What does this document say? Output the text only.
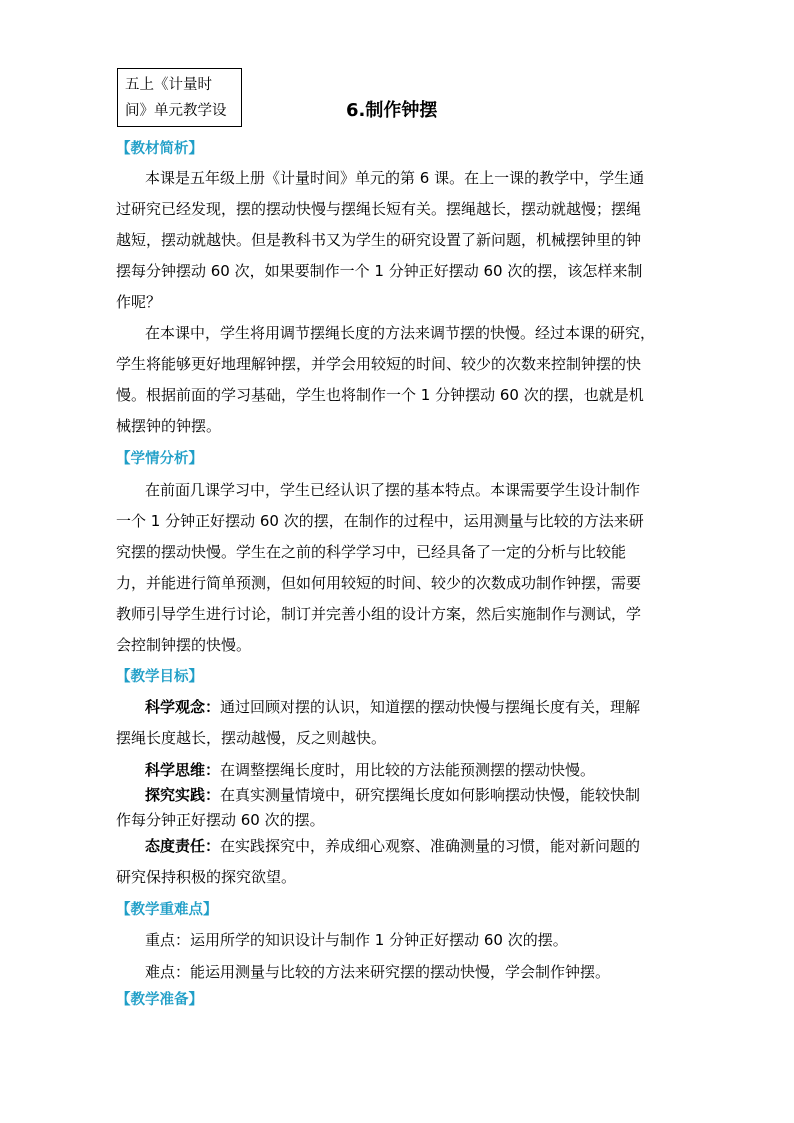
五上《计量时
间》单元教学设	6.制作钟摆
【教材简析】
本课是五年级上册《计量时间》单元的第 6 课。在上一课的教学中，学生通
过研究已经发现，摆的摆动快慢与摆绳长短有关。摆绳越长，摆动就越慢；摆绳
越短，摆动就越快。但是教科书又为学生的研究设置了新问题，机械摆钟里的钟
摆每分钟摆动 60 次，如果要制作一个 1 分钟正好摆动 60 次的摆，该怎样来制
作呢？
在本课中，学生将用调节摆绳长度的方法来调节摆的快慢。经过本课的研究，
学生将能够更好地理解钟摆，并学会用较短的时间、较少的次数来控制钟摆的快
慢。根据前面的学习基础，学生也将制作一个 1 分钟摆动 60 次的摆，也就是机
械摆钟的钟摆。
【学情分析】
在前面几课学习中，学生已经认识了摆的基本特点。本课需要学生设计制作
一个 1 分钟正好摆动 60 次的摆，在制作的过程中，运用测量与比较的方法来研
究摆的摆动快慢。学生在之前的科学学习中，已经具备了一定的分析与比较能
力，并能进行简单预测，但如何用较短的时间、较少的次数成功制作钟摆，需要
教师引导学生进行讨论，制订并完善小组的设计方案，然后实施制作与测试，学
会控制钟摆的快慢。
【教学目标】
科学观念：通过回顾对摆的认识，知道摆的摆动快慢与摆绳长度有关，理解
摆绳长度越长，摆动越慢，反之则越快。
科学思维：在调整摆绳长度时，用比较的方法能预测摆的摆动快慢。
探究实践：在真实测量情境中，研究摆绳长度如何影响摆动快慢，能较快制
作每分钟正好摆动 60 次的摆。
态度责任：在实践探究中，养成细心观察、准确测量的习惯，能对新问题的
研究保持积极的探究欲望。
【教学重难点】
重点：运用所学的知识设计与制作 1 分钟正好摆动 60 次的摆。
难点：能运用测量与比较的方法来研究摆的摆动快慢，学会制作钟摆。
【教学准备】
